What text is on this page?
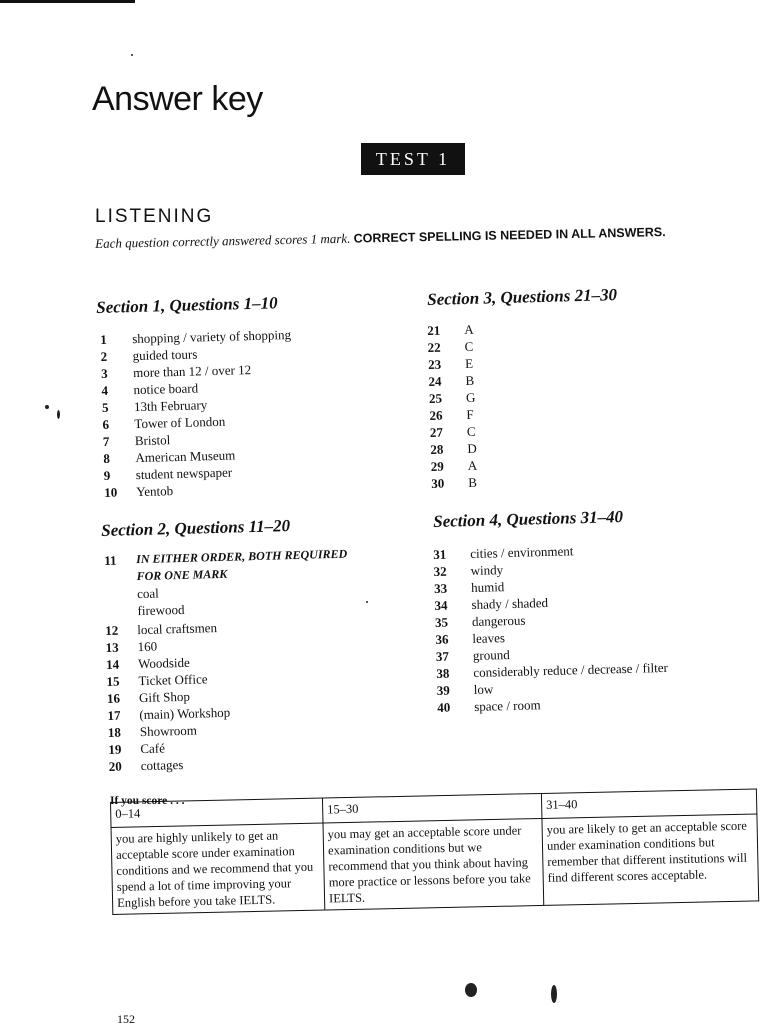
Answer key
TEST 1
LISTENING
Each question correctly answered scores 1 mark. CORRECT SPELLING IS NEEDED IN ALL ANSWERS.
Section 1, Questions 1–10
1	shopping / variety of shopping
2	guided tours
3	more than 12 / over 12
4	notice board
5	13th February
6	Tower of London
7	Bristol
8	American Museum
9	student newspaper
10	Yentob
Section 3, Questions 21–30
21	A
22	C
23	E
24	B
25	G
26	F
27	C
28	D
29	A
30	B
Section 2, Questions 11–20
11	IN EITHER ORDER, BOTH REQUIRED
FOR ONE MARK
coal
firewood
12	local craftsmen
13	160
14	Woodside
15	Ticket Office
16	Gift Shop
17	(main) Workshop
18	Showroom
19	Café
20	cottages
Section 4, Questions 31–40
31	cities / environment
32	windy
33	humid
34	shady / shaded
35	dangerous
36	leaves
37	ground
38	considerably reduce / decrease / filter
39	low
40	space / room

If you score . . .

0–14	15–30	31–40
you are highly unlikely to get an acceptable score under examination conditions and we recommend that you spend a lot of time improving your English before you take IELTS.	you may get an acceptable score under examination conditions but we recommend that you think about having more practice or lessons before you take IELTS.	you are likely to get an acceptable score under examination conditions but remember that different institutions will find different scores acceptable.
152
